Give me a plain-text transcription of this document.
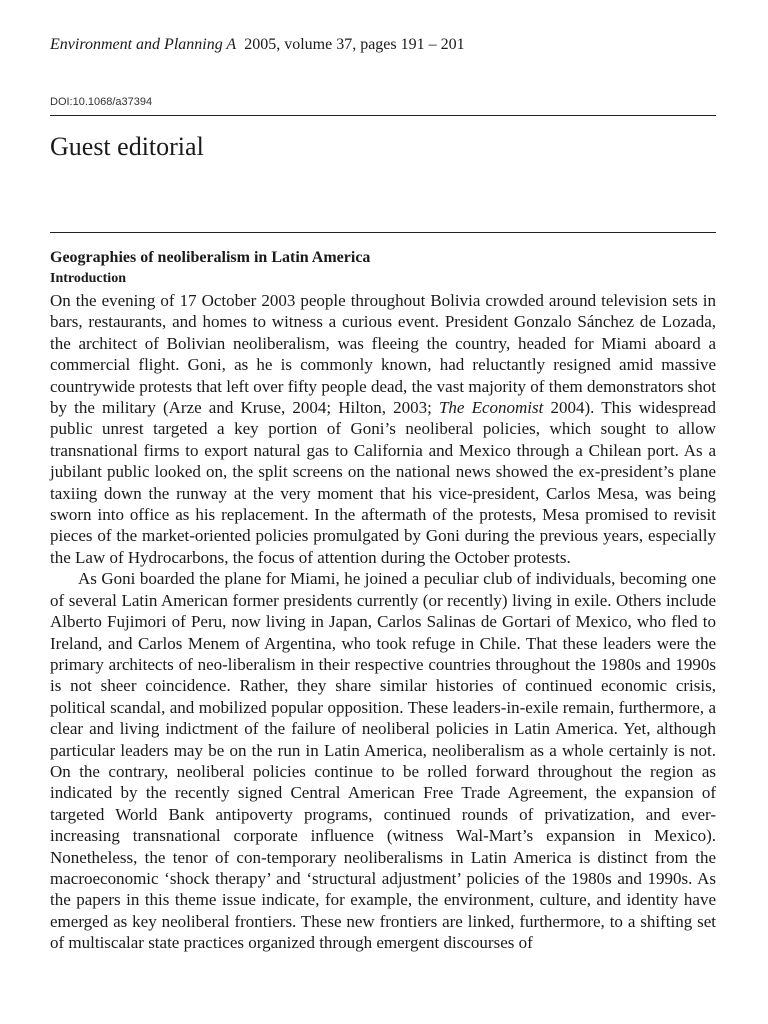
Environment and Planning A 2005, volume 37, pages 191 – 201
DOI:10.1068/a37394
Guest editorial
Geographies of neoliberalism in Latin America
Introduction

On the evening of 17 October 2003 people throughout Bolivia crowded around television sets in bars, restaurants, and homes to witness a curious event. President Gonzalo Sánchez de Lozada, the architect of Bolivian neoliberalism, was fleeing the country, headed for Miami aboard a commercial flight. Goni, as he is commonly known, had reluctantly resigned amid massive countrywide protests that left over fifty people dead, the vast majority of them demonstrators shot by the military (Arze and Kruse, 2004; Hilton, 2003; The Economist 2004). This widespread public unrest targeted a key portion of Goni’s neoliberal policies, which sought to allow transnational firms to export natural gas to California and Mexico through a Chilean port. As a jubilant public looked on, the split screens on the national news showed the ex-president’s plane taxiing down the runway at the very moment that his vice-president, Carlos Mesa, was being sworn into office as his replacement. In the aftermath of the protests, Mesa promised to revisit pieces of the market-oriented policies promulgated by Goni during the previous years, especially the Law of Hydrocarbons, the focus of attention during the October protests.

As Goni boarded the plane for Miami, he joined a peculiar club of individuals, becoming one of several Latin American former presidents currently (or recently) living in exile. Others include Alberto Fujimori of Peru, now living in Japan, Carlos Salinas de Gortari of Mexico, who fled to Ireland, and Carlos Menem of Argentina, who took refuge in Chile. That these leaders were the primary architects of neo-liberalism in their respective countries throughout the 1980s and 1990s is not sheer coincidence. Rather, they share similar histories of continued economic crisis, political scandal, and mobilized popular opposition. These leaders-in-exile remain, furthermore, a clear and living indictment of the failure of neoliberal policies in Latin America. Yet, although particular leaders may be on the run in Latin America, neoliberalism as a whole certainly is not. On the contrary, neoliberal policies continue to be rolled forward throughout the region as indicated by the recently signed Central American Free Trade Agreement, the expansion of targeted World Bank antipoverty programs, continued rounds of privatization, and ever-increasing transnational corporate influence (witness Wal-Mart’s expansion in Mexico). Nonetheless, the tenor of con-temporary neoliberalisms in Latin America is distinct from the macroeconomic ‘shock therapy’ and ‘structural adjustment’ policies of the 1980s and 1990s. As the papers in this theme issue indicate, for example, the environment, culture, and identity have emerged as key neoliberal frontiers. These new frontiers are linked, furthermore, to a shifting set of multiscalar state practices organized through emergent discourses of
